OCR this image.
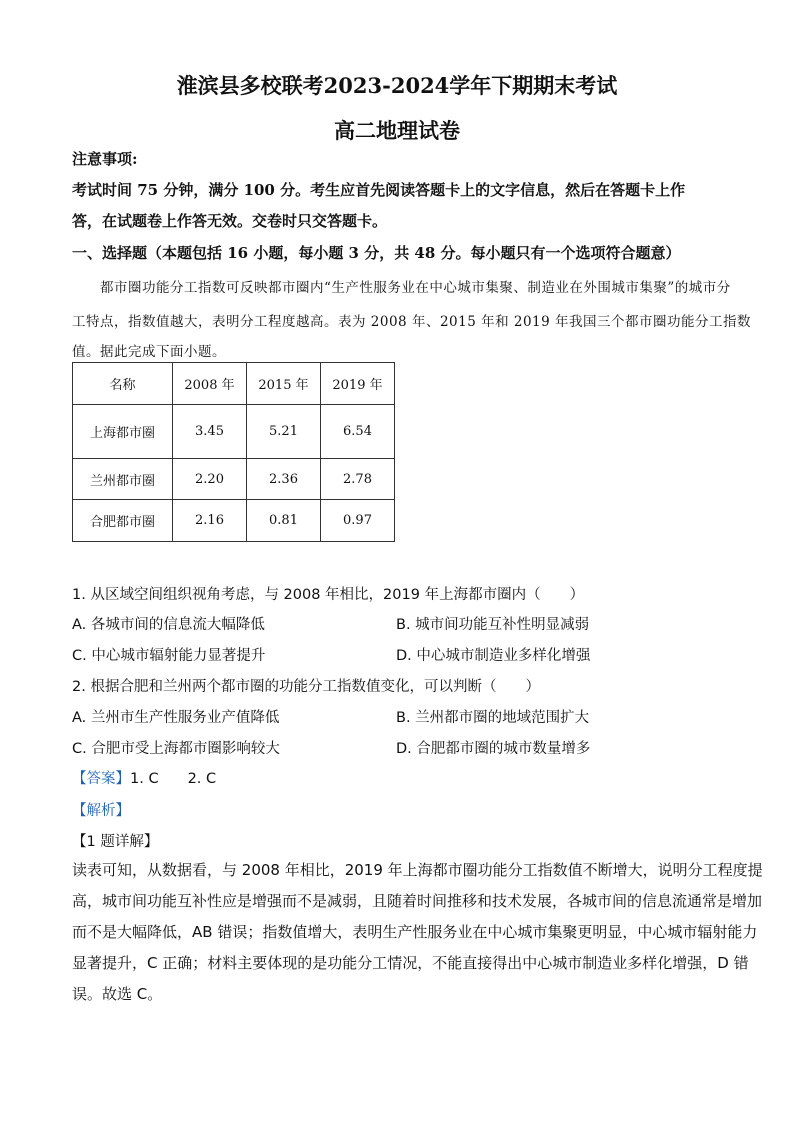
淮滨县多校联考2023-2024学年下期期末考试
高二地理试卷
注意事项:
考试时间 75 分钟，满分 100 分。考生应首先阅读答题卡上的文字信息，然后在答题卡上作
答，在试题卷上作答无效。交卷时只交答题卡。
一、选择题（本题包括 16 小题，每小题 3 分，共 48 分。每小题只有一个选项符合题意）
都市圈功能分工指数可反映都市圈内“生产性服务业在中心城市集聚、制造业在外围城市集聚”的城市分
工特点，指数值越大，表明分工程度越高。表为 2008 年、2015 年和 2019 年我国三个都市圈功能分工指数
值。据此完成下面小题。
名称	2008 年	2015 年	2019 年
上海都市圈	3.45	5.21	6.54
兰州都市圈	2.20	2.36	2.78
合肥都市圈	2.16	0.81	0.97
1. 从区域空间组织视角考虑，与 2008 年相比，2019 年上海都市圈内（　　）
A. 各城市间的信息流大幅降低	B. 城市间功能互补性明显减弱
C. 中心城市辐射能力显著提升	D. 中心城市制造业多样化增强
2. 根据合肥和兰州两个都市圈的功能分工指数值变化，可以判断（　　）
A. 兰州市生产性服务业产值降低	B. 兰州都市圈的地域范围扩大
C. 合肥市受上海都市圈影响较大	D. 合肥都市圈的城市数量增多
【答案】1. C　　2. C
【解析】
【1 题详解】
读表可知，从数据看，与 2008 年相比，2019 年上海都市圈功能分工指数值不断增大，说明分工程度提
高，城市间功能互补性应是增强而不是减弱，且随着时间推移和技术发展，各城市间的信息流通常是增加
而不是大幅降低，AB 错误；指数值增大，表明生产性服务业在中心城市集聚更明显，中心城市辐射能力
显著提升，C 正确；材料主要体现的是功能分工情况，不能直接得出中心城市制造业多样化增强，D 错
误。故选 C。
